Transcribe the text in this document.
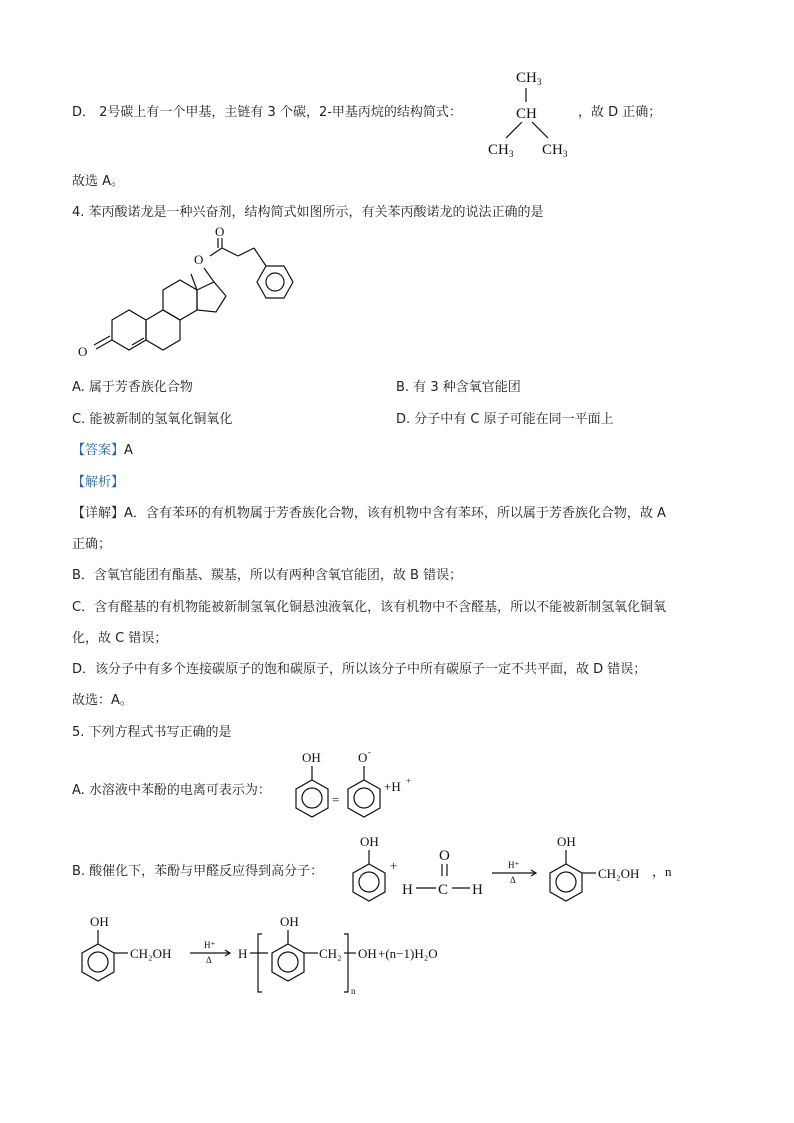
D． 2号碳上有一个甲基，主链有 3 个碳，2-甲基丙烷的结构简式：
CH 3
CH
CH 3 CH 3
，故 D 正确；
故选 A。
4. 苯丙酸诺龙是一种兴奋剂，结构简式如图所示，有关苯丙酸诺龙的说法正确的是
O
O
O
A. 属于芳香族化合物	B. 有 3 种含氧官能团
C. 能被新制的氢氧化铜氧化	D. 分子中有 C 原子可能在同一平面上
【答案】A
【解析】
【详解】A．含有苯环的有机物属于芳香族化合物，该有机物中含有苯环，所以属于芳香族化合物，故 A
正确；
B．含氧官能团有酯基、羰基，所以有两种含氧官能团，故 B 错误；
C．含有醛基的有机物能被新制氢氧化铜悬浊液氧化，该有机物中不含醛基，所以不能被新制氢氧化铜氧
化，故 C 错误；
D．该分子中有多个连接碳原子的饱和碳原子，所以该分子中所有碳原子一定不共平面，故 D 错误；
故选：A。
5. 下列方程式书写正确的是
A. 水溶液中苯酚的电离可表示为：
OH
=
O -
+H +
B. 酸催化下，苯酚与甲醛反应得到高分子：
OH
+
O
H C H
H⁺
Δ
OH
CH₂OH ，n
OH
CH₂OH
H⁺
Δ H
OH
CH₂
n
OH +(n−1)H₂O
